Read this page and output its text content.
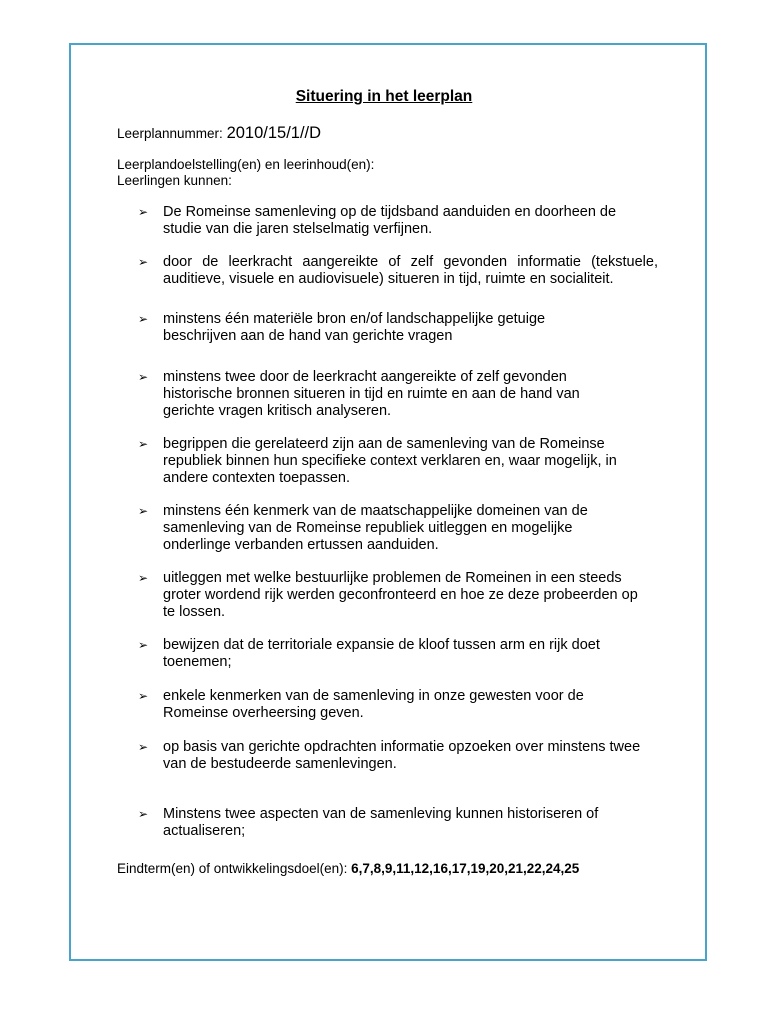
Situering in het leerplan
Leerplannummer: 2010/15/1//D
Leerplandoelstelling(en) en leerinhoud(en):
Leerlingen kunnen:
➢ De Romeinse samenleving op de tijdsband aanduiden en doorheen de studie van die jaren stelselmatig verfijnen.
➢ door de leerkracht aangereikte of zelf gevonden informatie (tekstuele, auditieve, visuele en audiovisuele) situeren in tijd, ruimte en socialiteit.
➢ minstens één materiële bron en/of landschappelijke getuige beschrijven aan de hand van gerichte vragen
➢ minstens twee door de leerkracht aangereikte of zelf gevonden historische bronnen situeren in tijd en ruimte en aan de hand van gerichte vragen kritisch analyseren.
➢ begrippen die gerelateerd zijn aan de samenleving van de Romeinse republiek binnen hun specifieke context verklaren en, waar mogelijk, in andere contexten toepassen.
➢ minstens één kenmerk van de maatschappelijke domeinen van de samenleving van de Romeinse republiek uitleggen en mogelijke onderlinge verbanden ertussen aanduiden.
➢ uitleggen met welke bestuurlijke problemen de Romeinen in een steeds groter wordend rijk werden geconfronteerd en hoe ze deze probeerden op te lossen.
➢ bewijzen dat de territoriale expansie de kloof tussen arm en rijk doet toenemen;
➢ enkele kenmerken van de samenleving in onze gewesten voor de Romeinse overheersing geven.
➢ op basis van gerichte opdrachten informatie opzoeken over minstens twee van de bestudeerde samenlevingen.
➢ Minstens twee aspecten van de samenleving kunnen historiseren of actualiseren;
Eindterm(en) of ontwikkelingsdoel(en): 6,7,8,9,11,12,16,17,19,20,21,22,24,25
